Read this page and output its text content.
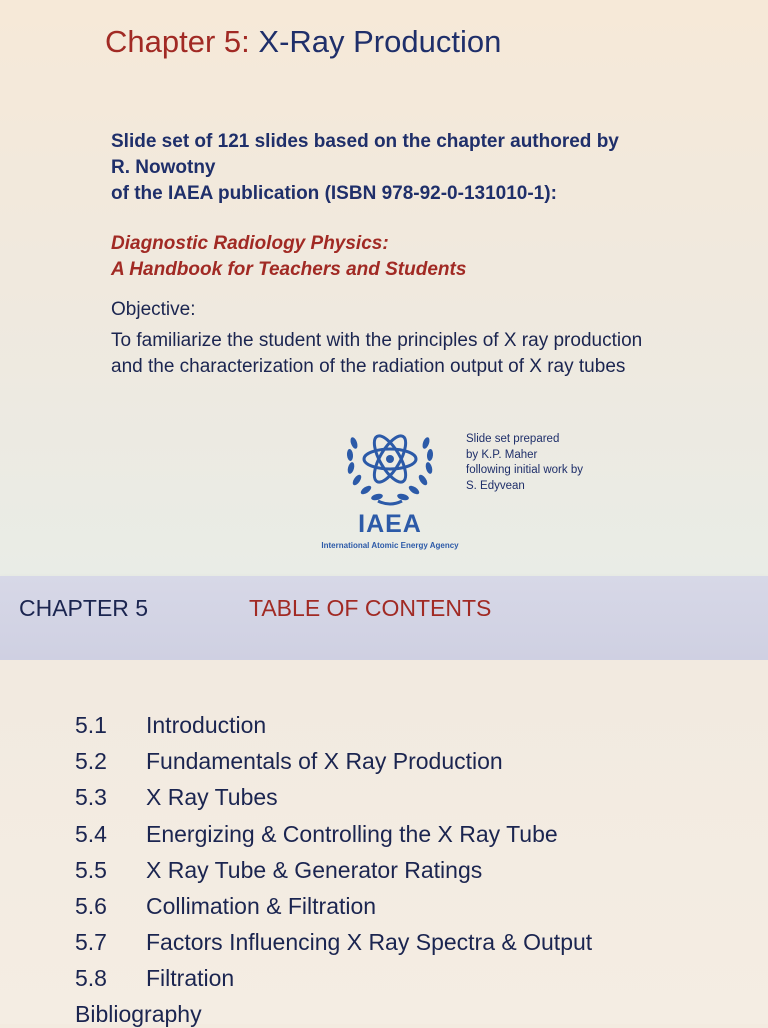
Chapter 5: X-Ray Production
Slide set of 121 slides based on the chapter authored by
R. Nowotny
of the IAEA publication (ISBN 978-92-0-131010-1):
Diagnostic Radiology Physics:
A Handbook for Teachers and Students
Objective:
To familiarize the student with the principles of X ray production
and the characterization of the radiation output of X ray tubes
IAEA
International Atomic Energy Agency
Slide set prepared
by K.P. Maher
following initial work by
S. Edyvean
CHAPTER 5	TABLE OF CONTENTS
5.1 Introduction
5.2 Fundamentals of X Ray Production
5.3 X Ray Tubes
5.4 Energizing & Controlling the X Ray Tube
5.5 X Ray Tube & Generator Ratings
5.6 Collimation & Filtration
5.7 Factors Influencing X Ray Spectra & Output
5.8 Filtration
Bibliography
